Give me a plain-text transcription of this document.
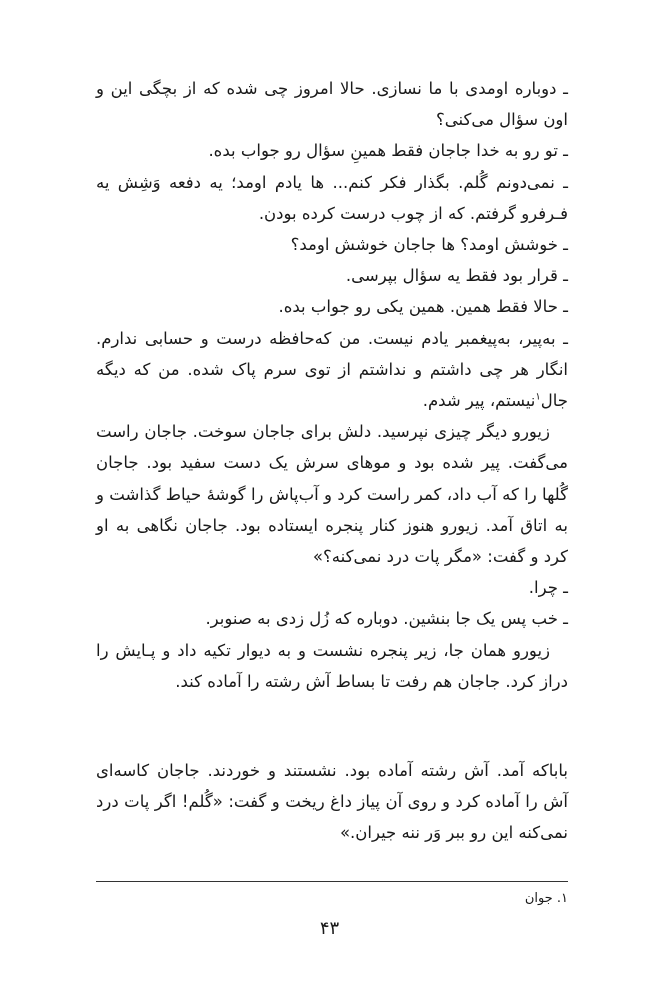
ـ دوباره اومدی با ما نسازی. حالا امروز چی شده که از بچگی این و اون سؤال می‌کنی؟

ـ تو رو به خدا جاجان فقط همینِ سؤال رو جواب بده.

ـ نمی‌دونم گُلم. بگذار فکر کنم... ها یادم اومد؛ یه دفعه وَشِش یه فـرفرو گرفتم. که از چوب درست کرده بودن.

ـ خوشش اومد؟ ها جاجان خوشش اومد؟

ـ قرار بود فقط یه سؤال بپرسی.

ـ حالا فقط همین. همین یکی رو جواب بده.

ـ به‌پیر، به‌پیغمبر یادم نیست. من که‌حافظه‌ درست و حسابی ندارم. انگار هر چی داشتم و نداشتم از توی سرم پاک شده. من که دیگه جال$^۱$نیستم، پیر شدم.

زیورو دیگر چیزی نپرسید. دلش برای جاجان سوخت. جاجان راست می‌گفت. پیر شده بود و موهای سرش یک دست سفید بود. جاجان گُلها را که آب داد، کمر راست کرد و آب‌پاش را گوشهٔ حیاط گذاشت و به اتاق آمد. زیورو هنوز کنار پنجره ایستاده بود. جاجان نگاهی به او کرد و گفت: «مگر پات درد نمی‌کنه؟»

ـ چرا.

ـ خب پس یک جا بنشین. دوباره که زُل زدی به صنوبر.

زیورو همان جا، زیر پنجره نشست و به دیوار تکیه داد و پـایش را دراز کرد. جاجان هم رفت تا بساط آش رشته را آماده کند.

باباکه آمد. آش رشته آماده بود. نشستند و خوردند. جاجان کاسه‌ای آش را آماده کرد و روی آن پیاز داغ ریخت و گفت: «گُلم! اگر پات درد نمی‌کنه این رو ببر وَر ننه جیران.»

۱. جوان
۴۳
